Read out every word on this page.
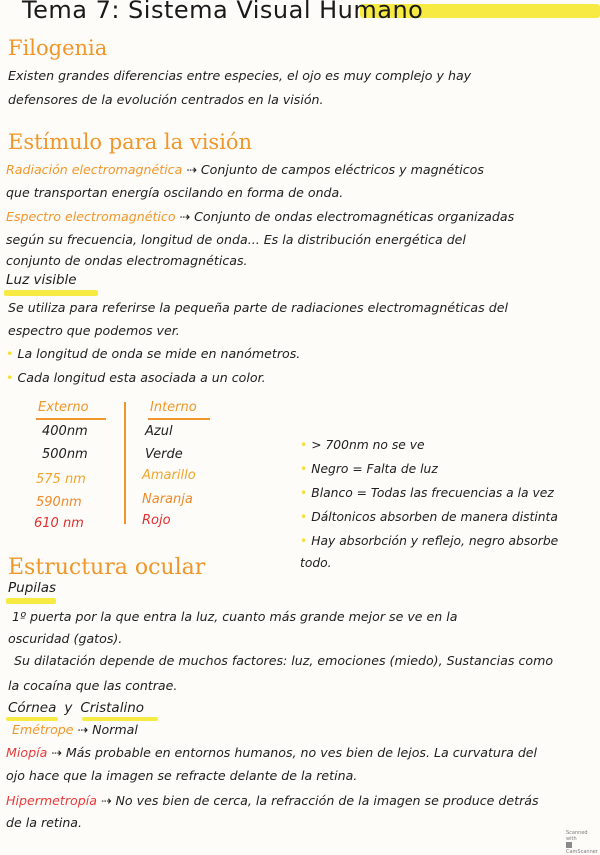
Tema 7: Sistema Visual Humano
Filogenia
Existen grandes diferencias entre especies, el ojo es muy complejo y hay
defensores de la evolución centrados en la visión.
Estímulo para la visión
Radiación electromagnética ⇢ Conjunto de campos eléctricos y magnéticos
que transportan energía oscilando en forma de onda.
Espectro electromagnético ⇢ Conjunto de ondas electromagnéticas organizadas
según su frecuencia, longitud de onda... Es la distribución energética del
conjunto de ondas electromagnéticas.
Luz visible
Se utiliza para referirse la pequeña parte de radiaciones electromagnéticas del
espectro que podemos ver.
• La longitud de onda se mide en nanómetros.
• Cada longitud esta asociada a un color.
Externo	Interno
400nm	Azul
500nm	Verde
575 nm	Amarillo
590nm	Naranja
610 nm	Rojo
• > 700nm no se ve
• Negro = Falta de luz
• Blanco = Todas las frecuencias a la vez
• Dáltonicos absorben de manera distinta
• Hay absorbción y reflejo, negro absorbe
todo.
Estructura ocular
Pupilas
1º puerta por la que entra la luz, cuanto más grande mejor se ve en la
oscuridad (gatos).
Su dilatación depende de muchos factores: luz, emociones (miedo), Sustancias como
la cocaína que las contrae.
Córnea y Cristalino
Emétrope ⇢ Normal
Miopía ⇢ Más probable en entornos humanos, no ves bien de lejos. La curvatura del
ojo hace que la imagen se refracte delante de la retina.
Hipermetropía ⇢ No ves bien de cerca, la refracción de la imagen se produce detrás
de la retina.
Scanned with
CamScanner
